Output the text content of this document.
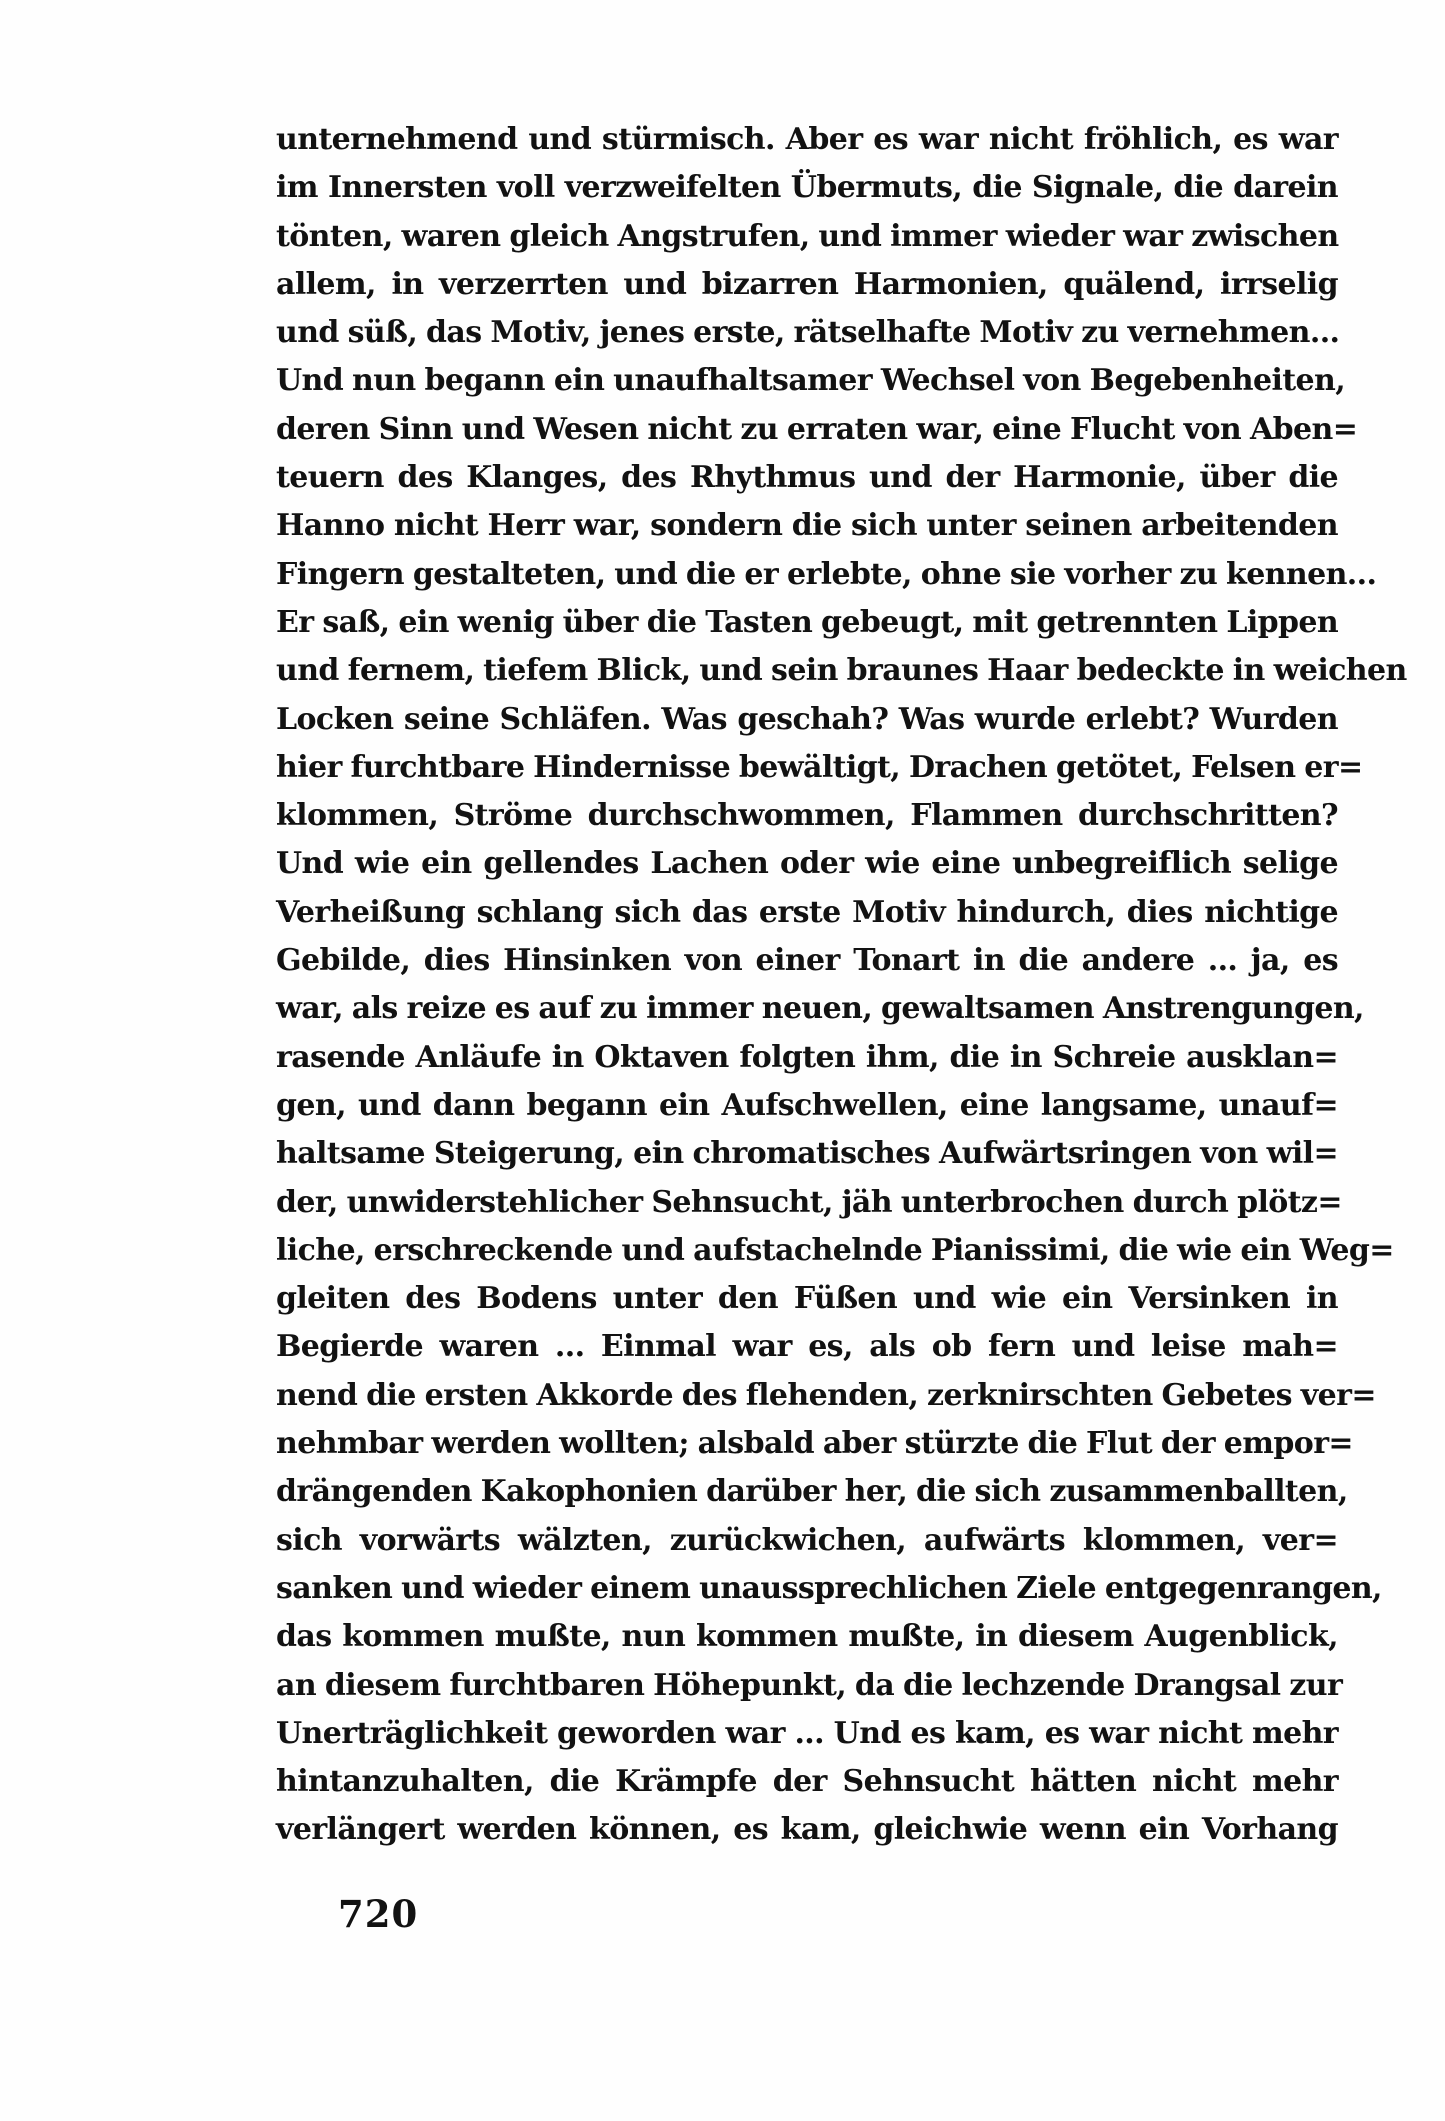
unternehmend und stürmisch. Aber es war nicht fröhlich, es war
im Innersten voll verzweifelten Übermuts, die Signale, die darein
tönten, waren gleich Angstrufen, und immer wieder war zwischen
allem, in verzerrten und bizarren Harmonien, quälend, irrselig
und süß, das Motiv, jenes erste, rätselhafte Motiv zu vernehmen...
Und nun begann ein unaufhaltsamer Wechsel von Begebenheiten,
deren Sinn und Wesen nicht zu erraten war, eine Flucht von Aben=
teuern des Klanges, des Rhythmus und der Harmonie, über die
Hanno nicht Herr war, sondern die sich unter seinen arbeitenden
Fingern gestalteten, und die er erlebte, ohne sie vorher zu kennen...
Er saß, ein wenig über die Tasten gebeugt, mit getrennten Lippen
und fernem, tiefem Blick, und sein braunes Haar bedeckte in weichen
Locken seine Schläfen. Was geschah? Was wurde erlebt? Wurden
hier furchtbare Hindernisse bewältigt, Drachen getötet, Felsen er=
klommen, Ströme durchschwommen, Flammen durchschritten?
Und wie ein gellendes Lachen oder wie eine unbegreiflich selige
Verheißung schlang sich das erste Motiv hindurch, dies nichtige
Gebilde, dies Hinsinken von einer Tonart in die andere ... ja, es
war, als reize es auf zu immer neuen, gewaltsamen Anstrengungen,
rasende Anläufe in Oktaven folgten ihm, die in Schreie ausklan=
gen, und dann begann ein Aufschwellen, eine langsame, unauf=
haltsame Steigerung, ein chromatisches Aufwärtsringen von wil=
der, unwiderstehlicher Sehnsucht, jäh unterbrochen durch plötz=
liche, erschreckende und aufstachelnde Pianissimi, die wie ein Weg=
gleiten des Bodens unter den Füßen und wie ein Versinken in
Begierde waren ... Einmal war es, als ob fern und leise mah=
nend die ersten Akkorde des flehenden, zerknirschten Gebetes ver=
nehmbar werden wollten; alsbald aber stürzte die Flut der empor=
drängenden Kakophonien darüber her, die sich zusammenballten,
sich vorwärts wälzten, zurückwichen, aufwärts klommen, ver=
sanken und wieder einem unaussprechlichen Ziele entgegenrangen,
das kommen mußte, nun kommen mußte, in diesem Augenblick,
an diesem furchtbaren Höhepunkt, da die lechzende Drangsal zur
Unerträglichkeit geworden war ... Und es kam, es war nicht mehr
hintanzuhalten, die Krämpfe der Sehnsucht hätten nicht mehr
verlängert werden können, es kam, gleichwie wenn ein Vorhang
720
